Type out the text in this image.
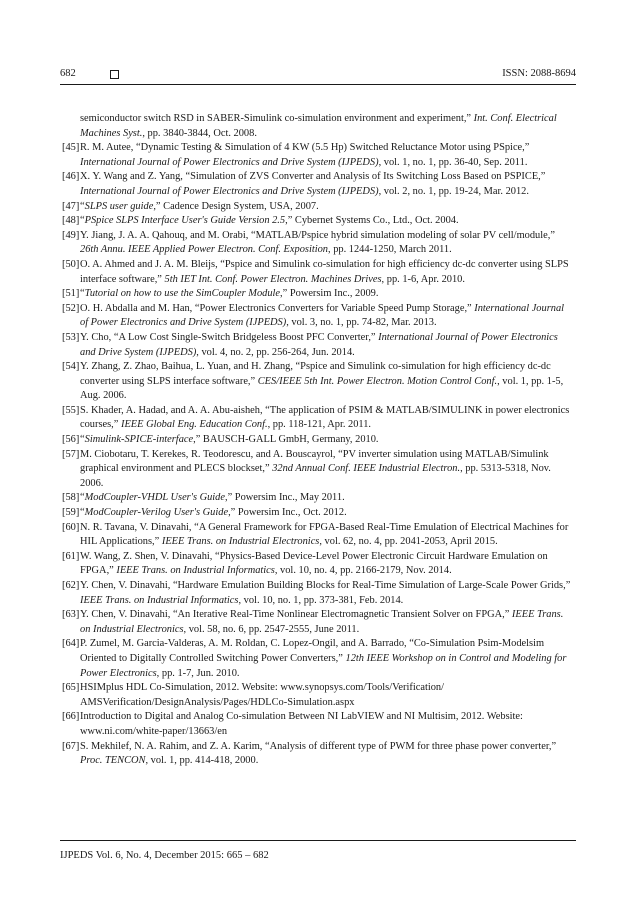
682	ISSN: 2088-8694

semiconductor switch RSD in SABER-Simulink co-simulation environment and experiment,” Int. Conf. Electrical Machines Syst., pp. 3840-3844, Oct. 2008.

[45] R. M. Autee, “Dynamic Testing & Simulation of 4 KW (5.5 Hp) Switched Reluctance Motor using PSpice,” International Journal of Power Electronics and Drive System (IJPEDS), vol. 1, no. 1, pp. 36-40, Sep. 2011.

[46] X. Y. Wang and Z. Yang, “Simulation of ZVS Converter and Analysis of Its Switching Loss Based on PSPICE,” International Journal of Power Electronics and Drive System (IJPEDS), vol. 2, no. 1, pp. 19-24, Mar. 2012.

[47] “SLPS user guide,” Cadence Design System, USA, 2007.

[48] “PSpice SLPS Interface User's Guide Version 2.5,” Cybernet Systems Co., Ltd., Oct. 2004.

[49] Y. Jiang, J. A. A. Qahouq, and M. Orabi, “MATLAB/Pspice hybrid simulation modeling of solar PV cell/module,” 26th Annu. IEEE Applied Power Electron. Conf. Exposition, pp. 1244-1250, March 2011.

[50] O. A. Ahmed and J. A. M. Bleijs, “Pspice and Simulink co-simulation for high efficiency dc-dc converter using SLPS interface software,” 5th IET Int. Conf. Power Electron. Machines Drives, pp. 1-6, Apr. 2010.

[51] “Tutorial on how to use the SimCoupler Module,” Powersim Inc., 2009.

[52] O. H. Abdalla and M. Han, “Power Electronics Converters for Variable Speed Pump Storage,” International Journal of Power Electronics and Drive System (IJPEDS), vol. 3, no. 1, pp. 74-82, Mar. 2013.

[53] Y. Cho, “A Low Cost Single-Switch Bridgeless Boost PFC Converter,” International Journal of Power Electronics and Drive System (IJPEDS), vol. 4, no. 2, pp. 256-264, Jun. 2014.

[54] Y. Zhang, Z. Zhao, Baihua, L. Yuan, and H. Zhang, “Pspice and Simulink co-simulation for high efficiency dc-dc converter using SLPS interface software,” CES/IEEE 5th Int. Power Electron. Motion Control Conf., vol. 1, pp. 1-5, Aug. 2006.

[55] S. Khader, A. Hadad, and A. A. Abu-aisheh, “The application of PSIM & MATLAB/SIMULINK in power electronics courses,” IEEE Global Eng. Education Conf., pp. 118-121, Apr. 2011.

[56] “Simulink-SPICE-interface,” BAUSCH-GALL GmbH, Germany, 2010.

[57] M. Ciobotaru, T. Kerekes, R. Teodorescu, and A. Bouscayrol, “PV inverter simulation using MATLAB/Simulink graphical environment and PLECS blockset,” 32nd Annual Conf. IEEE Industrial Electron., pp. 5313-5318, Nov. 2006.

[58] “ModCoupler-VHDL User's Guide,” Powersim Inc., May 2011.

[59] “ModCoupler-Verilog User's Guide,” Powersim Inc., Oct. 2012.

[60] N. R. Tavana, V. Dinavahi, “A General Framework for FPGA-Based Real-Time Emulation of Electrical Machines for HIL Applications,” IEEE Trans. on Industrial Electronics, vol. 62, no. 4, pp. 2041-2053, April 2015.

[61] W. Wang, Z. Shen, V. Dinavahi, “Physics-Based Device-Level Power Electronic Circuit Hardware Emulation on FPGA,” IEEE Trans. on Industrial Informatics, vol. 10, no. 4, pp. 2166-2179, Nov. 2014.

[62] Y. Chen, V. Dinavahi, “Hardware Emulation Building Blocks for Real-Time Simulation of Large-Scale Power Grids,” IEEE Trans. on Industrial Informatics, vol. 10, no. 1, pp. 373-381, Feb. 2014.

[63] Y. Chen, V. Dinavahi, “An Iterative Real-Time Nonlinear Electromagnetic Transient Solver on FPGA,” IEEE Trans. on Industrial Electronics, vol. 58, no. 6, pp. 2547-2555, June 2011.

[64] P. Zumel, M. Garcia-Valderas, A. M. Roldan, C. Lopez-Ongil, and A. Barrado, “Co-Simulation Psim-Modelsim Oriented to Digitally Controlled Switching Power Converters,” 12th IEEE Workshop on in Control and Modeling for Power Electronics, pp. 1-7, Jun. 2010.

[65] HSIMplus HDL Co-Simulation, 2012. Website: www.synopsys.com/Tools/Verification/ AMSVerification/DesignAnalysis/Pages/HDLCo-Simulation.aspx

[66] Introduction to Digital and Analog Co-simulation Between NI LabVIEW and NI Multisim, 2012. Website: www.ni.com/white-paper/13663/en

[67] S. Mekhilef, N. A. Rahim, and Z. A. Karim, “Analysis of different type of PWM for three phase power converter,” Proc. TENCON, vol. 1, pp. 414-418, 2000.

IJPEDS Vol. 6, No. 4, December 2015: 665 – 682
